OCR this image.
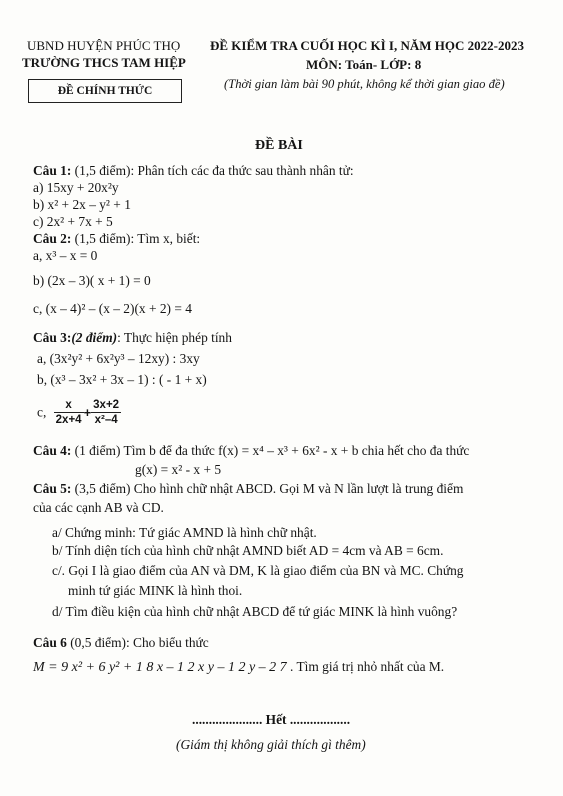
UBND HUYỆN PHÚC THỌ
TRƯỜNG THCS TAM HIỆP
ĐỀ CHÍNH THỨC
ĐỀ KIỂM TRA CUỐI HỌC KÌ I, NĂM HỌC 2022-2023
MÔN: Toán- LỚP: 8
(Thời gian làm bài 90 phút, không kể thời gian giao đề)
ĐỀ BÀI
Câu 1: (1,5 điểm): Phân tích các đa thức sau thành nhân tử:
a) 15xy + 20x²y
b) x² + 2x – y² + 1
c) 2x² + 7x + 5
Câu 2: (1,5 điểm): Tìm x, biết:
a, x³ – x = 0
b) (2x – 3)( x + 1) = 0
c, (x – 4)² – (x – 2)(x + 2) = 4
Câu 3:(2 điểm): Thực hiện phép tính
a, (3x²y² + 6x²y³ – 12xy) : 3xy
b, (x³ – 3x² + 3x – 1) : ( - 1 + x)
c, $\frac{x}{2x+4} + \frac{3x+2}{\text{x²–4}}$
Câu 4: (1 điểm) Tìm b để đa thức f(x) = x⁴ – x³ + 6x² - x + b chia hết cho đa thức
g(x) = x² - x + 5
Câu 5: (3,5 điểm) Cho hình chữ nhật ABCD. Gọi M và N lần lượt là trung điểm
của các cạnh AB và CD.
a/ Chứng minh: Tứ giác AMND là hình chữ nhật.
b/ Tính diện tích của hình chữ nhật AMND biết AD = 4cm và AB = 6cm.
c/. Gọi I là giao điểm của AN và DM, K là giao điểm của BN và MC. Chứng
minh tứ giác MINK là hình thoi.
d/ Tìm điều kiện của hình chữ nhật ABCD để tứ giác MINK là hình vuông?
Câu 6 (0,5 điểm): Cho biểu thức
M = 9 x² + 6 y² + 1 8 x – 1 2 x y – 1 2 y – 2 7 . Tìm giá trị nhỏ nhất của M.
..................... Hết ..................
(Giám thị không giải thích gì thêm)
